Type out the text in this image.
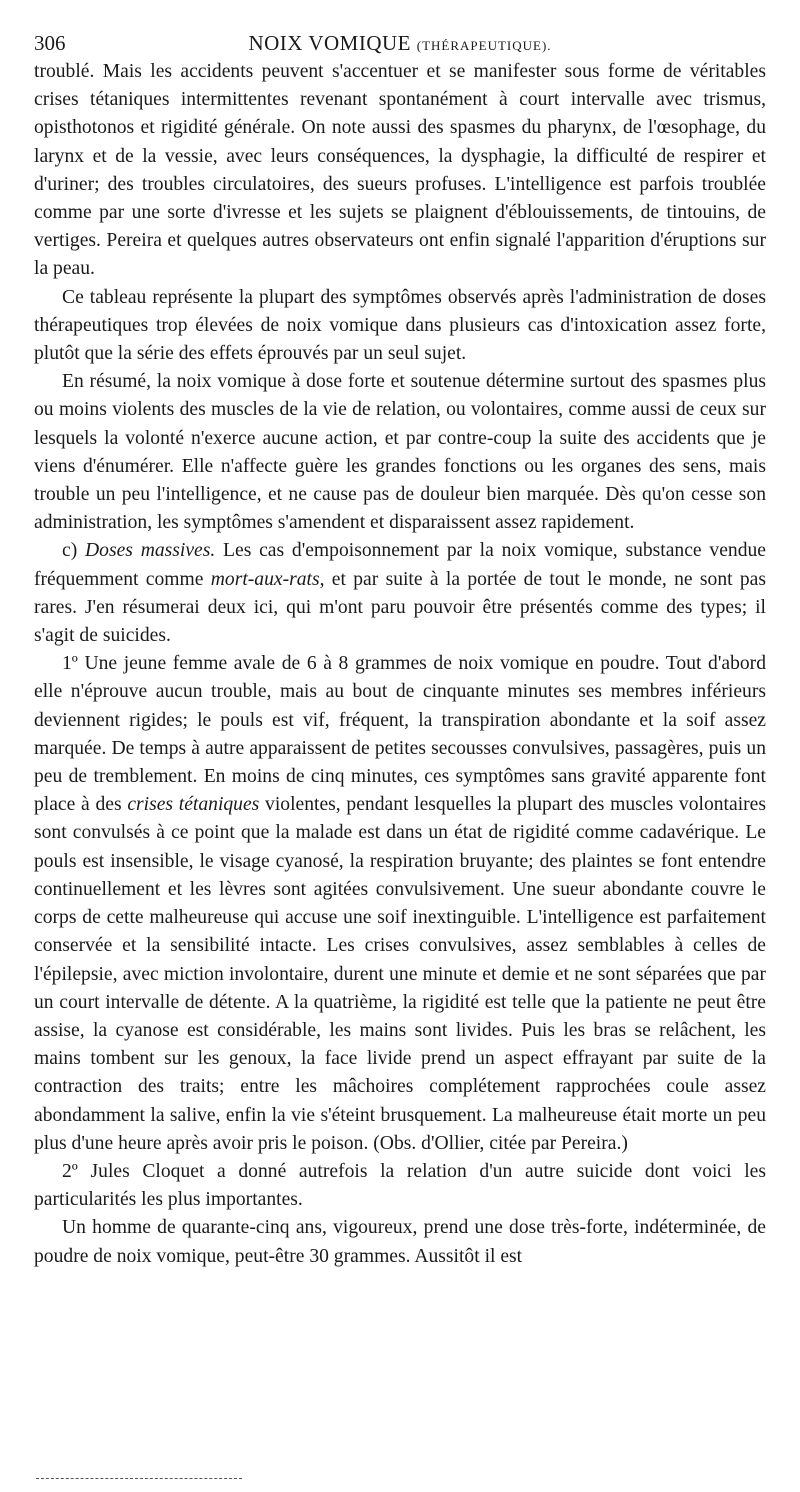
306	NOIX VOMIQUE (THÉRAPEUTIQUE).

troublé. Mais les accidents peuvent s'accentuer et se manifester sous forme de véritables crises tétaniques intermittentes revenant spontanément à court intervalle avec trismus, opisthotonos et rigidité générale. On note aussi des spasmes du pharynx, de l'œsophage, du larynx et de la vessie, avec leurs conséquences, la dysphagie, la difficulté de respirer et d'uriner; des troubles circulatoires, des sueurs profuses. L'intelligence est parfois troublée comme par une sorte d'ivresse et les sujets se plaignent d'éblouissements, de tintouins, de vertiges. Pereira et quelques autres observateurs ont enfin signalé l'apparition d'éruptions sur la peau.

Ce tableau représente la plupart des symptômes observés après l'administration de doses thérapeutiques trop élevées de noix vomique dans plusieurs cas d'intoxication assez forte, plutôt que la série des effets éprouvés par un seul sujet.

En résumé, la noix vomique à dose forte et soutenue détermine surtout des spasmes plus ou moins violents des muscles de la vie de relation, ou volontaires, comme aussi de ceux sur lesquels la volonté n'exerce aucune action, et par contre-coup la suite des accidents que je viens d'énumérer. Elle n'affecte guère les grandes fonctions ou les organes des sens, mais trouble un peu l'intelligence, et ne cause pas de douleur bien marquée. Dès qu'on cesse son administration, les symptômes s'amendent et disparaissent assez rapidement.

c) Doses massives. Les cas d'empoisonnement par la noix vomique, substance vendue fréquemment comme mort-aux-rats, et par suite à la portée de tout le monde, ne sont pas rares. J'en résumerai deux ici, qui m'ont paru pouvoir être présentés comme des types; il s'agit de suicides.

1º Une jeune femme avale de 6 à 8 grammes de noix vomique en poudre. Tout d'abord elle n'éprouve aucun trouble, mais au bout de cinquante minutes ses membres inférieurs deviennent rigides; le pouls est vif, fréquent, la transpiration abondante et la soif assez marquée. De temps à autre apparaissent de petites secousses convulsives, passagères, puis un peu de tremblement. En moins de cinq minutes, ces symptômes sans gravité apparente font place à des crises tétaniques violentes, pendant lesquelles la plupart des muscles volontaires sont convulsés à ce point que la malade est dans un état de rigidité comme cadavérique. Le pouls est insensible, le visage cyanosé, la respiration bruyante; des plaintes se font entendre continuellement et les lèvres sont agitées convulsivement. Une sueur abondante couvre le corps de cette malheureuse qui accuse une soif inextinguible. L'intelligence est parfaitement conservée et la sensibilité intacte. Les crises convulsives, assez semblables à celles de l'épilepsie, avec miction involontaire, durent une minute et demie et ne sont séparées que par un court intervalle de détente. A la quatrième, la rigidité est telle que la patiente ne peut être assise, la cyanose est considérable, les mains sont livides. Puis les bras se relâchent, les mains tombent sur les genoux, la face livide prend un aspect effrayant par suite de la contraction des traits; entre les mâchoires complétement rapprochées coule assez abondamment la salive, enfin la vie s'éteint brusquement. La malheureuse était morte un peu plus d'une heure après avoir pris le poison. (Obs. d'Ollier, citée par Pereira.)

2º Jules Cloquet a donné autrefois la relation d'un autre suicide dont voici les particularités les plus importantes.

Un homme de quarante-cinq ans, vigoureux, prend une dose très-forte, indéterminée, de poudre de noix vomique, peut-être 30 grammes. Aussitôt il est
